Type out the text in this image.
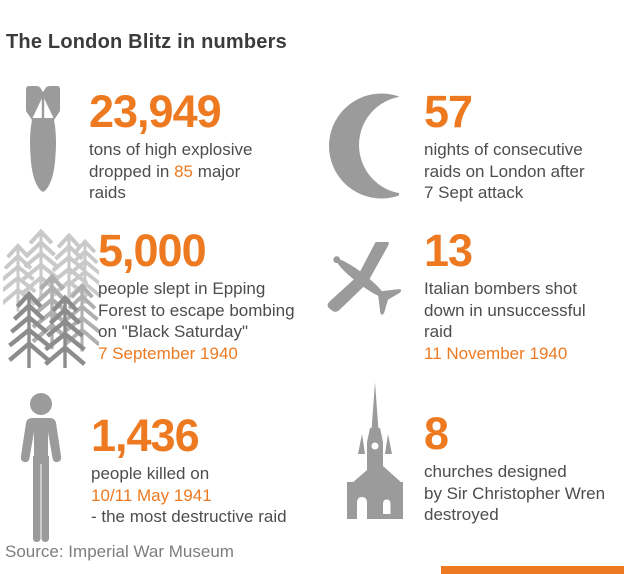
The London Blitz in numbers
23,949
tons of high explosive
dropped in 85 major
raids
57
nights of consecutive
raids on London after
7 Sept attack
5,000
people slept in Epping
Forest to escape bombing
on "Black Saturday"
7 September 1940
13
Italian bombers shot
down in unsuccessful
raid
11 November 1940
1,436
people killed on
10/11 May 1941
- the most destructive raid
8
churches designed
by Sir Christopher Wren
destroyed
Source: Imperial War Museum
